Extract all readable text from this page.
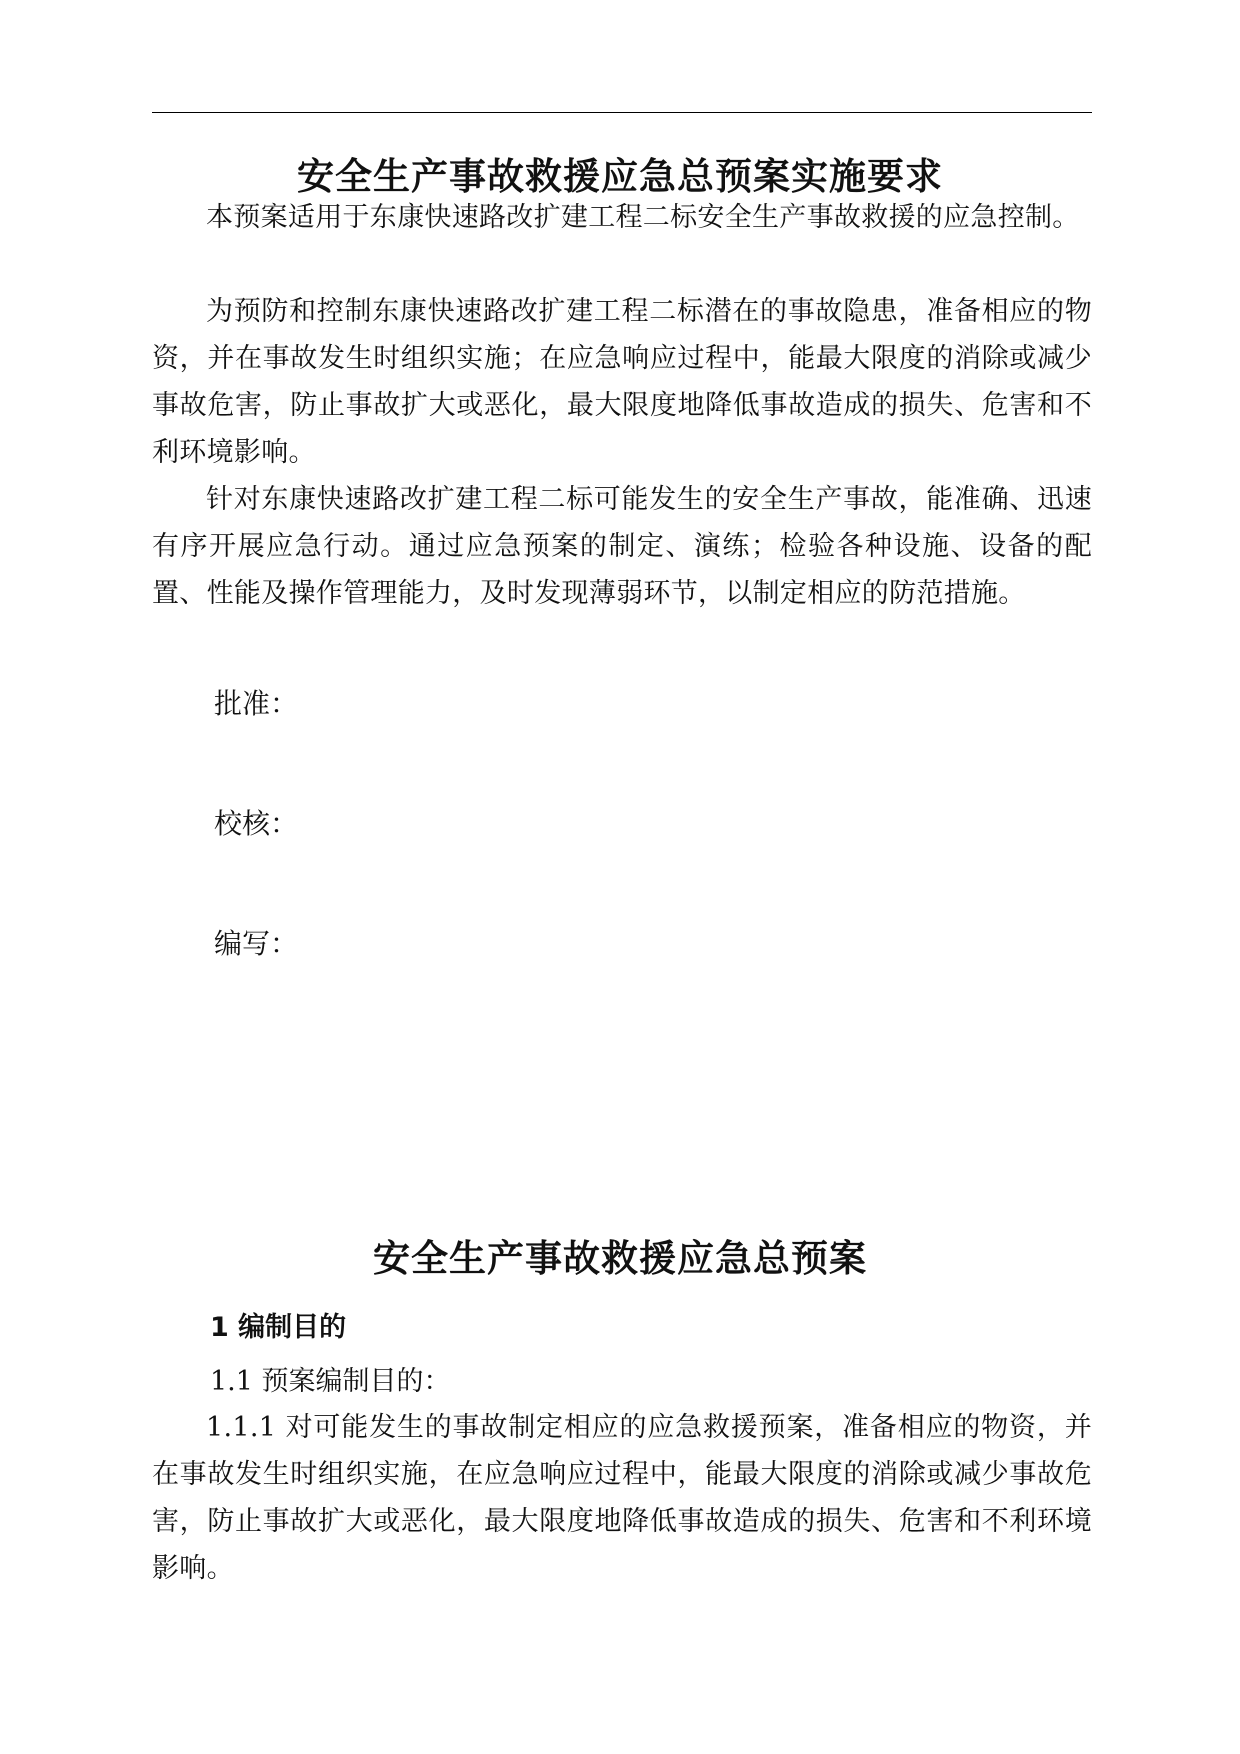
安全生产事故救援应急总预案实施要求

本预案适用于东康快速路改扩建工程二标安全生产事故救援的应急控制。

为预防和控制东康快速路改扩建工程二标潜在的事故隐患，准备相应的物资，并在事故发生时组织实施；在应急响应过程中，能最大限度的消除或减少事故危害，防止事故扩大或恶化，最大限度地降低事故造成的损失、危害和不利环境影响。

针对东康快速路改扩建工程二标可能发生的安全生产事故，能准确、迅速有序开展应急行动。通过应急预案的制定、演练；检验各种设施、设备的配置、性能及操作管理能力，及时发现薄弱环节，以制定相应的防范措施。

批准：

校核：

编写：

安全生产事故救援应急总预案
1 编制目的

1.1 预案编制目的：

1.1.1 对可能发生的事故制定相应的应急救援预案，准备相应的物资，并在事故发生时组织实施，在应急响应过程中，能最大限度的消除或减少事故危害，防止事故扩大或恶化，最大限度地降低事故造成的损失、危害和不利环境影响。
